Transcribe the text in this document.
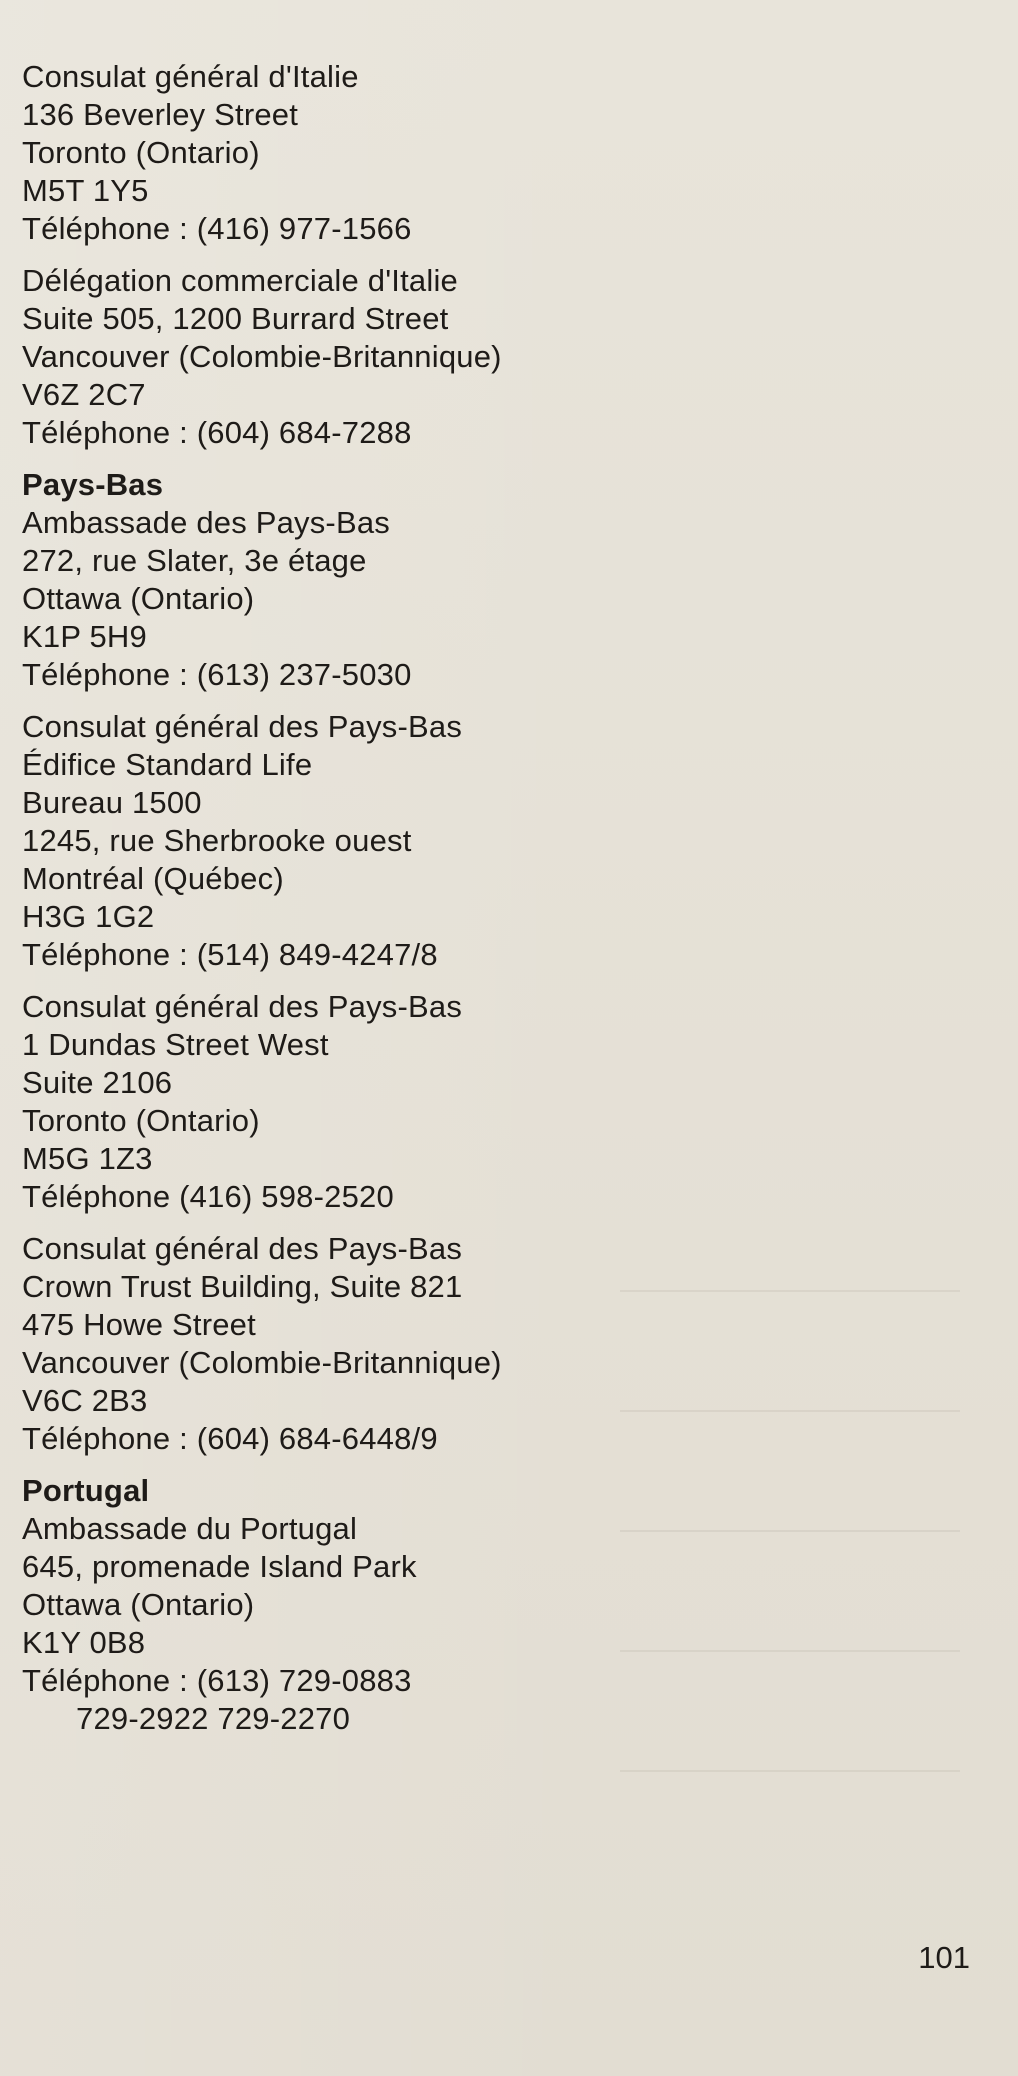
Consulat général d'Italie
136 Beverley Street
Toronto (Ontario)
M5T 1Y5
Téléphone : (416) 977-1566
Délégation commerciale d'Italie
Suite 505, 1200 Burrard Street
Vancouver (Colombie-Britannique)
V6Z 2C7
Téléphone : (604) 684-7288
Pays-Bas
Ambassade des Pays-Bas
272, rue Slater, 3e étage
Ottawa (Ontario)
K1P 5H9
Téléphone : (613) 237-5030
Consulat général des Pays-Bas
Édifice Standard Life
Bureau 1500
1245, rue Sherbrooke ouest
Montréal (Québec)
H3G 1G2
Téléphone : (514) 849-4247/8
Consulat général des Pays-Bas
1 Dundas Street West
Suite 2106
Toronto (Ontario)
M5G 1Z3
Téléphone (416) 598-2520
Consulat général des Pays-Bas
Crown Trust Building, Suite 821
475 Howe Street
Vancouver (Colombie-Britannique)
V6C 2B3
Téléphone : (604) 684-6448/9
Portugal
Ambassade du Portugal
645, promenade Island Park
Ottawa (Ontario)
K1Y 0B8
Téléphone : (613) 729-0883
729-2922 729-2270
101
